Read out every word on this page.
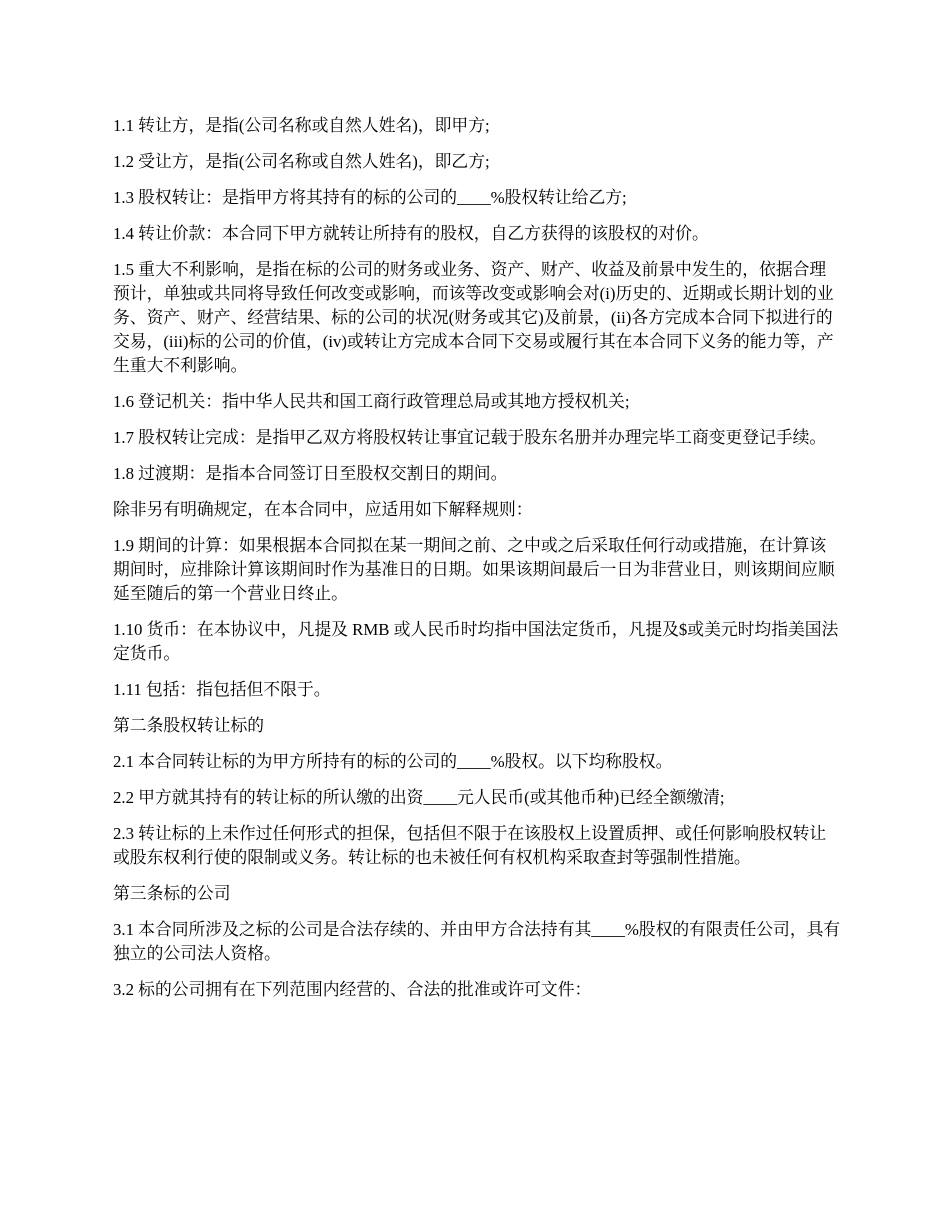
1.1 转让方，是指(公司名称或自然人姓名)，即甲方;

1.2 受让方，是指(公司名称或自然人姓名)，即乙方;

1.3 股权转让：是指甲方将其持有的标的公司的____%股权转让给乙方;

1.4 转让价款：本合同下甲方就转让所持有的股权，自乙方获得的该股权的对价。

1.5 重大不利影响，是指在标的公司的财务或业务、资产、财产、收益及前景中发生的，依据合理预计，单独或共同将导致任何改变或影响，而该等改变或影响会对(i)历史的、近期或长期计划的业务、资产、财产、经营结果、标的公司的状况(财务或其它)及前景，(ii)各方完成本合同下拟进行的交易，(iii)标的公司的价值，(iv)或转让方完成本合同下交易或履行其在本合同下义务的能力等，产生重大不利影响。

1.6 登记机关：指中华人民共和国工商行政管理总局或其地方授权机关;

1.7 股权转让完成：是指甲乙双方将股权转让事宜记载于股东名册并办理完毕工商变更登记手续。

1.8 过渡期：是指本合同签订日至股权交割日的期间。

除非另有明确规定，在本合同中，应适用如下解释规则：

1.9 期间的计算：如果根据本合同拟在某一期间之前、之中或之后采取任何行动或措施，在计算该期间时，应排除计算该期间时作为基准日的日期。如果该期间最后一日为非营业日，则该期间应顺延至随后的第一个营业日终止。

1.10 货币：在本协议中，凡提及 RMB 或人民币时均指中国法定货币，凡提及$或美元时均指美国法定货币。

1.11 包括：指包括但不限于。

第二条股权转让标的

2.1 本合同转让标的为甲方所持有的标的公司的____%股权。以下均称股权。

2.2 甲方就其持有的转让标的所认缴的出资____元人民币(或其他币种)已经全额缴清;

2.3 转让标的上未作过任何形式的担保，包括但不限于在该股权上设置质押、或任何影响股权转让或股东权利行使的限制或义务。转让标的也未被任何有权机构采取查封等强制性措施。

第三条标的公司

3.1 本合同所涉及之标的公司是合法存续的、并由甲方合法持有其____%股权的有限责任公司，具有独立的公司法人资格。

3.2 标的公司拥有在下列范围内经营的、合法的批准或许可文件：
